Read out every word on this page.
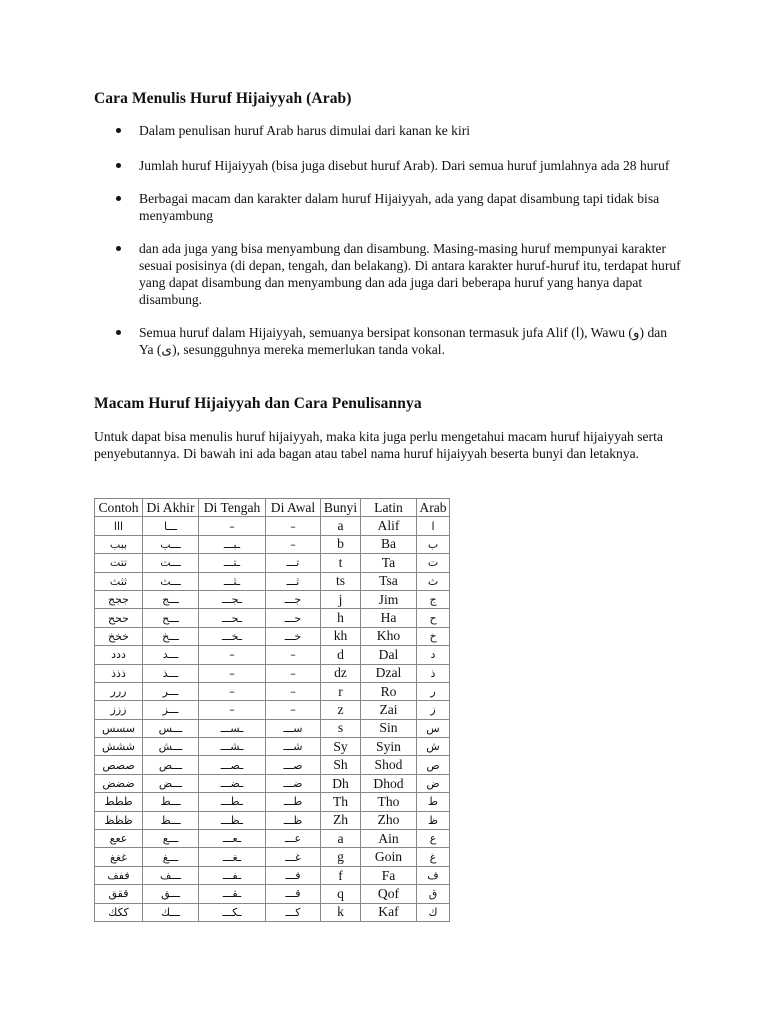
Cara Menulis Huruf Hijaiyyah (Arab)
Dalam penulisan huruf Arab harus dimulai dari kanan ke kiri
Jumlah huruf Hijaiyyah (bisa juga disebut huruf Arab). Dari semua huruf jumlahnya ada 28 huruf
Berbagai macam dan karakter dalam huruf Hijaiyyah, ada yang dapat disambung tapi tidak bisa menyambung
dan ada juga yang bisa menyambung dan disambung. Masing-masing huruf mempunyai karakter sesuai posisinya (di depan, tengah, dan belakang). Di antara karakter huruf-huruf itu, terdapat huruf yang dapat disambung dan menyambung dan ada juga dari beberapa huruf yang hanya dapat disambung.
Semua huruf dalam Hijaiyyah, semuanya bersipat konsonan termasuk jufa Alif (ا), Wawu (و) dan Ya (ى), sesungguhnya mereka memerlukan tanda vokal.
Macam Huruf Hijaiyyah dan Cara Penulisannya

Untuk dapat bisa menulis huruf hijaiyyah, maka kita juga perlu mengetahui macam huruf hijaiyyah serta penyebutannya. Di bawah ini ada bagan atau tabel nama huruf hijaiyyah beserta bunyi dan letaknya.

Contoh	Di Akhir	Di Tengah	Di Awal	Bunyi	Latin	Arab
ااا	ـــا	–	–	a	Alif	ا
ببب	ـــب	ـبـــ	–	b	Ba	ب
تتت	ـــت	ـتـــ	تـــ	t	Ta	ت
ثثث	ـــث	ـثـــ	ثـــ	ts	Tsa	ث
ججج	ـــج	ـجـــ	جـــ	j	Jim	ج
ححح	ـــح	ـحـــ	حـــ	h	Ha	ح
خخخ	ـــخ	ـخـــ	خـــ	kh	Kho	خ
ددد	ـــد	–	–	d	Dal	د
ذذذ	ـــذ	–	–	dz	Dzal	ذ
ررر	ـــر	–	–	r	Ro	ر
ززز	ـــز	–	–	z	Zai	ز
سسس	ـــس	ـســـ	ســـ	s	Sin	س
ششش	ـــش	ـشـــ	شـــ	Sy	Syin	ش
صصص	ـــص	ـصـــ	صـــ	Sh	Shod	ص
ضضض	ـــض	ـضـــ	ضـــ	Dh	Dhod	ض
ططط	ـــط	ـطـــ	طـــ	Th	Tho	ط
ظظظ	ـــظ	ـظـــ	ظـــ	Zh	Zho	ظ
ععع	ـــع	ـعـــ	عـــ	a	Ain	ع
غغغ	ـــغ	ـغـــ	غـــ	g	Goin	غ
ففف	ـــف	ـفـــ	فـــ	f	Fa	ف
ققق	ـــق	ـقـــ	قـــ	q	Qof	ق
ككك	ـــك	ـكـــ	كـــ	k	Kaf	ك
